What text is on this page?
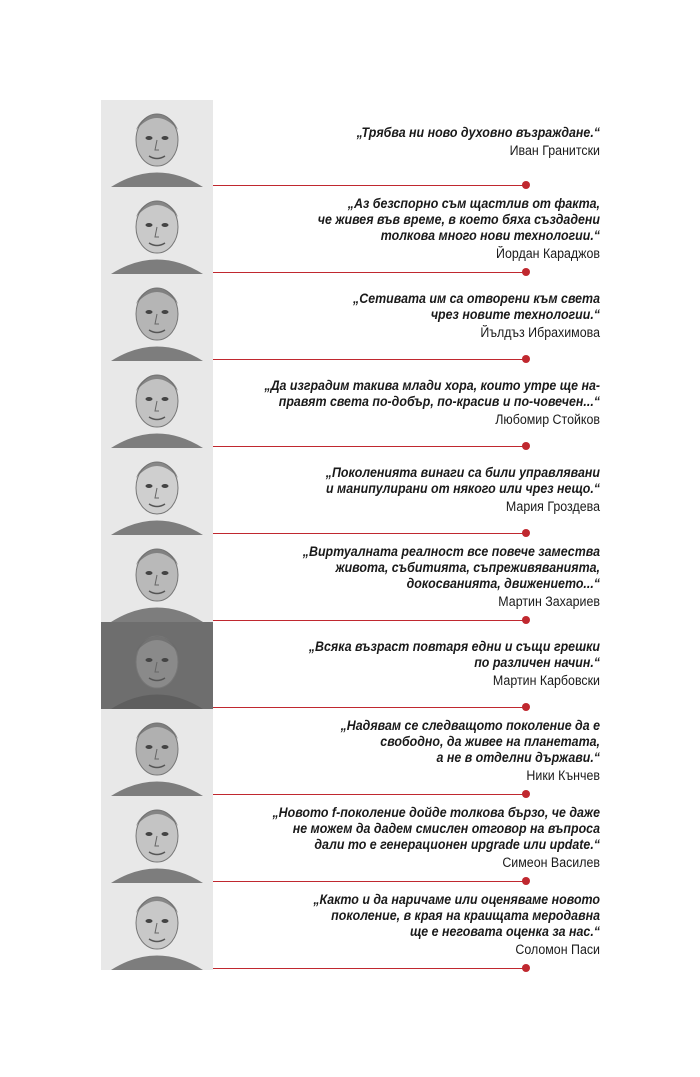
„Трябва ни ново духовно възраждане.“
Иван Гранитски
„Аз безспорно съм щастлив от факта,
че живея във време, в което бяха създадени
толкова много нови технологии.“
Йордан Караджов
„Сетивата им са отворени към света
чрез новите технологии.“
Йълдъз Ибрахимова
„Да изградим такива млади хора, които утре ще на-
правят света по-добър, по-красив и по-човечен...“
Любомир Стойков
„Поколенията винаги са били управлявани
и манипулирани от някого или чрез нещо.“
Мария Гроздева
„Виртуалната реалност все повече замества
живота, събитията, съпреживяванията,
докосванията, движението...“
Мартин Захариев
„Всяка възраст повтаря едни и същи грешки
по различен начин.“
Мартин Карбовски
„Надявам се следващото поколение да е
свободно, да живее на планетата,
а не в отделни държави.“
Ники Кънчев
„Новото f-поколение дойде толкова бързо, че даже
не можем да дадем смислен отговор на въпроса
дали то е генерационен upgrade или update.“
Симеон Василев
„Както и да наричаме или оценяваме новото
поколение, в края на краищата меродавна
ще е неговата оценка за нас.“
Соломон Паси
